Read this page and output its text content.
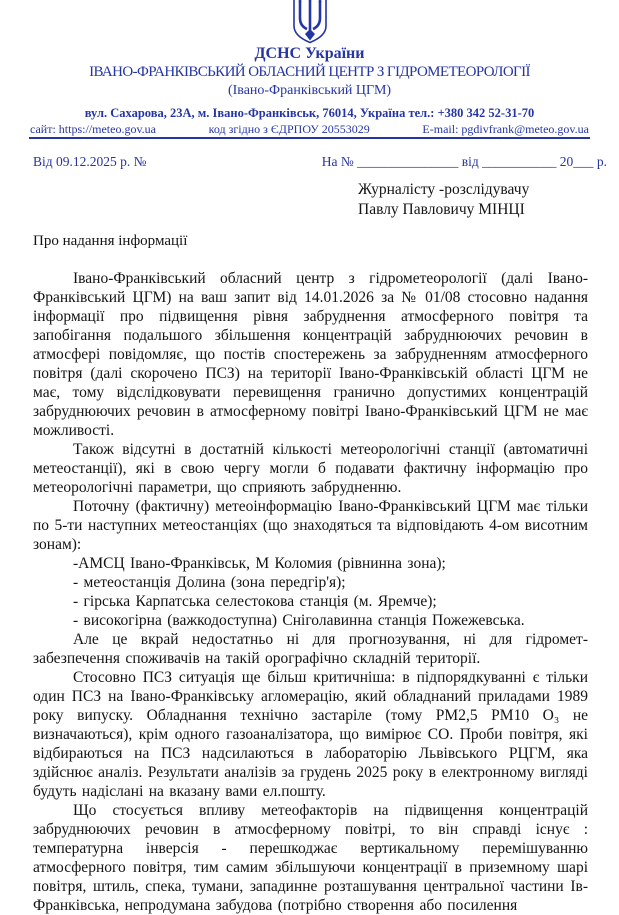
ДСНС України
ІВАНО-ФРАНКІВСЬКИЙ ОБЛАСНИЙ ЦЕНТР З ГІДРОМЕТЕОРОЛОГІЇ
(Івано-Франківський ЦГМ)
вул. Сахарова, 23А, м. Івано-Франківськ, 76014, Україна тел.: +380 342 52-31-70
сайт: https://meteo.gov.ua	код згідно з ЄДРПОУ 20553029	E-mail: pgdivfrank@meteo.gov.ua
Від 09.12.2025 р. №	На № _______________ від ___________ 20___ р.
Журналісту -розслідувачу
Павлу Павловичу МІНЦІ
Про надання інформації

Івано-Франківський обласний центр з гідрометеорології (далі Івано-Франківський ЦГМ) на ваш запит від 14.01.2026 за № 01/08 стосовно надання інформації про підвищення рівня забруднення атмосферного повітря та запобігання подальшого збільшення концентрацій забруднюючих речовин в атмосфері повідомляє, що постів спостережень за забрудненням атмосферного повітря (далі скорочено ПСЗ) на території Івано-Франківській області ЦГМ не має, тому відслідковувати перевищення гранично допустимих концентрацій забруднюючих речовин в атмосферному повітрі Івано-Франківський ЦГМ не має можливості.

Також відсутні в достатній кількості метеорологічні станції (автоматичні метеостанції), які в свою чергу могли б подавати фактичну інформацію про метеорологічні параметри, що сприяють забрудненню.

Поточну (фактичну) метеоінформацію Івано-Франківський ЦГМ має тільки по 5-ти наступних метеостанціях (що знаходяться та відповідають 4-ом висотним зонам):

-АМСЦ Івано-Франківськ, М Коломия (рівнинна зона);

- метеостанція Долина (зона передгір'я);

- гірська Карпатська селестокова станція (м. Яремче);

- високогірна (важкодоступна) Сніголавинна станція Пожежевська.

Але це вкрай недостатньо ні для прогнозування, ні для гідромет-забезпечення споживачів на такій орографічно складній території.

Стосовно ПСЗ ситуація ще більш критичніша: в підпорядкуванні є тільки один ПСЗ на Івано-Франківську агломерацію, який обладнаний приладами 1989 року випуску. Обладнання технічно застаріле (тому РМ2,5 РМ10 О₃ не визначаються), крім одного газоаналізатора, що вимірює СО. Проби повітря, які відбираються на ПСЗ надсилаються в лабораторію Львівського РЦГМ, яка здійснює аналіз. Результати аналізів за грудень 2025 року в електронному вигляді будуть надіслані на вказану вами ел.пошту.

Що стосується впливу метеофакторів на підвищення концентрацій забруднюючих речовин в атмосферному повітрі, то він справді існує : температурна інверсія - перешкоджає вертикальному перемішуванню атмосферного повітря, тим самим збільшуючи концентрації в приземному шарі повітря, штиль, спека, тумани, западинне розташування центральної частини Ів-Франківська, непродумана забудова (потрібно створення або посилення
